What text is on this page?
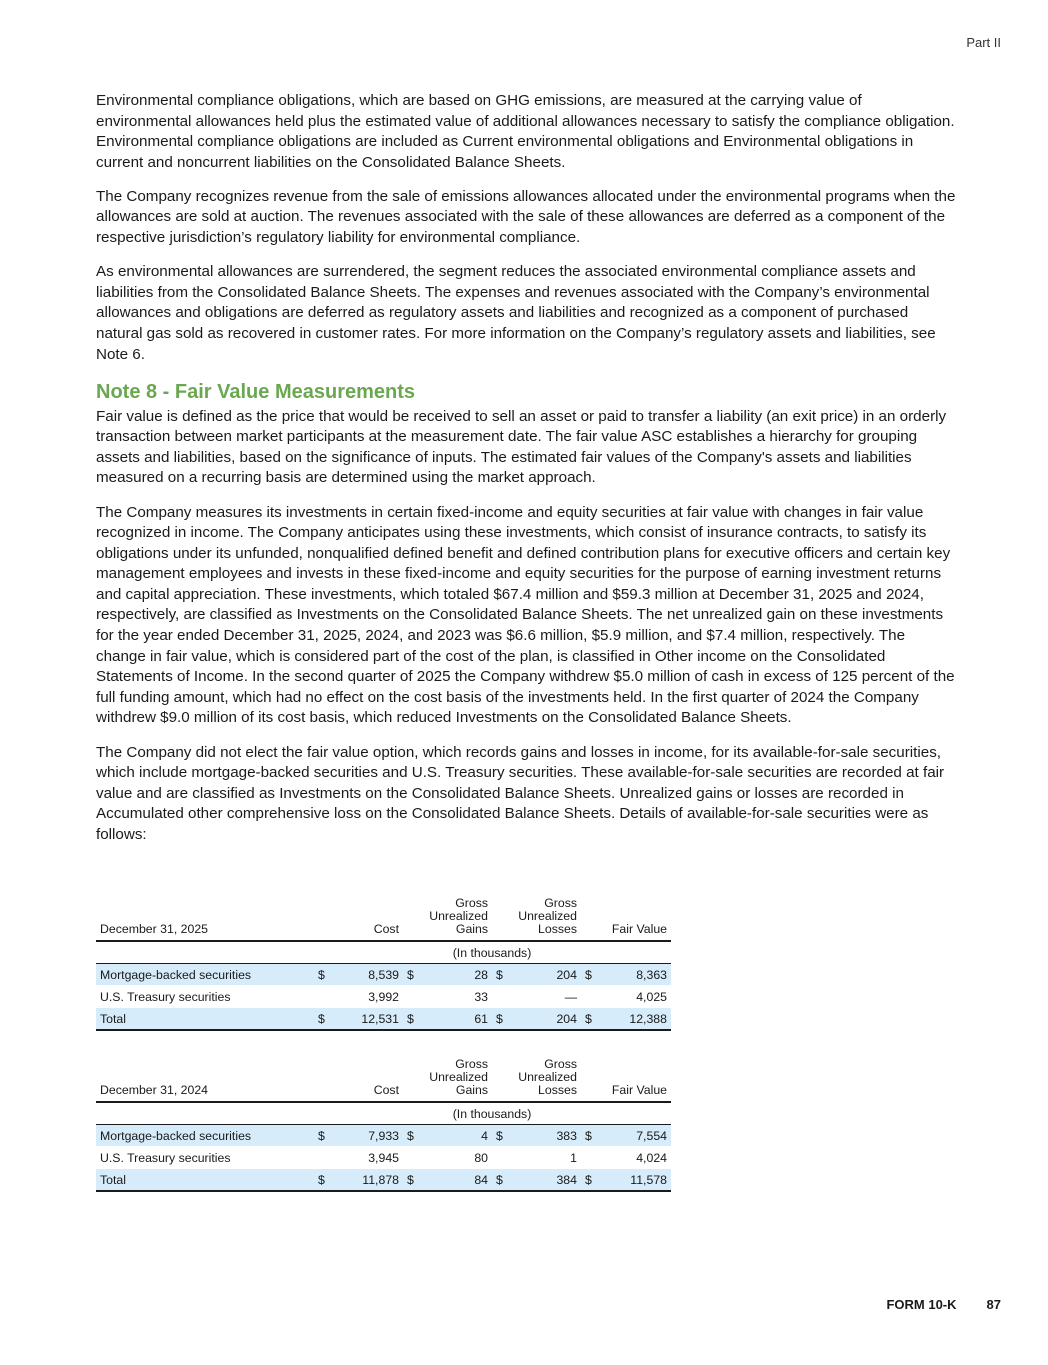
Part II

Environmental compliance obligations, which are based on GHG emissions, are measured at the carrying value of environmental allowances held plus the estimated value of additional allowances necessary to satisfy the compliance obligation. Environmental compliance obligations are included as Current environmental obligations and Environmental obligations in current and noncurrent liabilities on the Consolidated Balance Sheets.

The Company recognizes revenue from the sale of emissions allowances allocated under the environmental programs when the allowances are sold at auction. The revenues associated with the sale of these allowances are deferred as a component of the respective jurisdiction’s regulatory liability for environmental compliance.

As environmental allowances are surrendered, the segment reduces the associated environmental compliance assets and liabilities from the Consolidated Balance Sheets. The expenses and revenues associated with the Company’s environmental allowances and obligations are deferred as regulatory assets and liabilities and recognized as a component of purchased natural gas sold as recovered in customer rates. For more information on the Company’s regulatory assets and liabilities, see Note 6.

Note 8 - Fair Value Measurements

Fair value is defined as the price that would be received to sell an asset or paid to transfer a liability (an exit price) in an orderly transaction between market participants at the measurement date. The fair value ASC establishes a hierarchy for grouping assets and liabilities, based on the significance of inputs. The estimated fair values of the Company's assets and liabilities measured on a recurring basis are determined using the market approach.

The Company measures its investments in certain fixed-income and equity securities at fair value with changes in fair value recognized in income. The Company anticipates using these investments, which consist of insurance contracts, to satisfy its obligations under its unfunded, nonqualified defined benefit and defined contribution plans for executive officers and certain key management employees and invests in these fixed-income and equity securities for the purpose of earning investment returns and capital appreciation. These investments, which totaled $67.4 million and $59.3 million at December 31, 2025 and 2024, respectively, are classified as Investments on the Consolidated Balance Sheets. The net unrealized gain on these investments for the year ended December 31, 2025, 2024, and 2023 was $6.6 million, $5.9 million, and $7.4 million, respectively. The change in fair value, which is considered part of the cost of the plan, is classified in Other income on the Consolidated Statements of Income. In the second quarter of 2025 the Company withdrew $5.0 million of cash in excess of 125 percent of the full funding amount, which had no effect on the cost basis of the investments held. In the first quarter of 2024 the Company withdrew $9.0 million of its cost basis, which reduced Investments on the Consolidated Balance Sheets.

The Company did not elect the fair value option, which records gains and losses in income, for its available-for-sale securities, which include mortgage-backed securities and U.S. Treasury securities. These available-for-sale securities are recorded at fair value and are classified as Investments on the Consolidated Balance Sheets. Unrealized gains or losses are recorded in Accumulated other comprehensive loss on the Consolidated Balance Sheets. Details of available-for-sale securities were as follows:

December 31, 2025		Cost		Gross
Unrealized
Gains		Gross
Unrealized
Losses		Fair Value
			(In thousands)					
Mortgage-backed securities	$	8,539	$	28	$	204	$	8,363
U.S. Treasury securities		3,992		33		—		4,025
Total	$	12,531	$	61	$	204	$	12,388
December 31, 2024		Cost		Gross
Unrealized
Gains		Gross
Unrealized
Losses		Fair Value
			(In thousands)					
Mortgage-backed securities	$	7,933	$	4	$	383	$	7,554
U.S. Treasury securities		3,945		80		1		4,024
Total	$	11,878	$	84	$	384	$	11,578
FORM 10-K 87
